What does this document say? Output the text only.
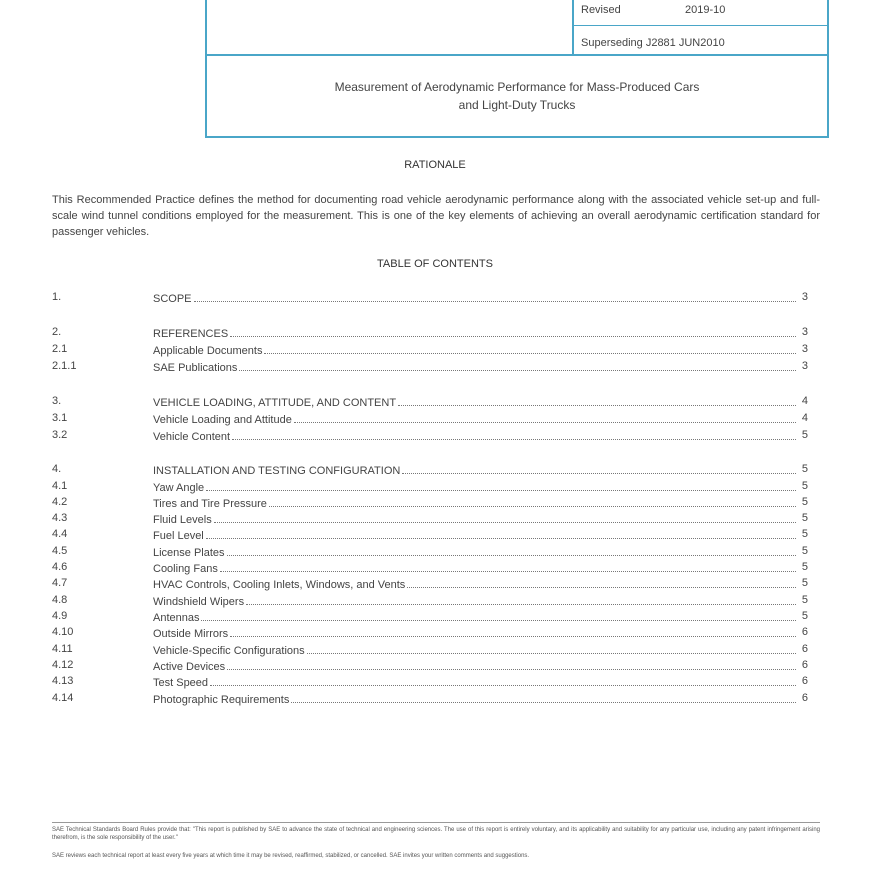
Revised	2019-10
Superseding J2881 JUN2010
Measurement of Aerodynamic Performance for Mass-Produced Cars
and Light-Duty Trucks
RATIONALE
This Recommended Practice defines the method for documenting road vehicle aerodynamic performance along with the associated vehicle set-up and full-scale wind tunnel conditions employed for the measurement. This is one of the key elements of achieving an overall aerodynamic certification standard for passenger vehicles.
TABLE OF CONTENTS
1.	SCOPE	3
2.	REFERENCES	3
2.1	Applicable Documents	3
2.1.1	SAE Publications	3
3.	VEHICLE LOADING, ATTITUDE, AND CONTENT	4
3.1	Vehicle Loading and Attitude	4
3.2	Vehicle Content	5
4.	INSTALLATION AND TESTING CONFIGURATION	5
4.1	Yaw Angle	5
4.2	Tires and Tire Pressure	5
4.3	Fluid Levels	5
4.4	Fuel Level	5
4.5	License Plates	5
4.6	Cooling Fans	5
4.7	HVAC Controls, Cooling Inlets, Windows, and Vents	5
4.8	Windshield Wipers	5
4.9	Antennas	5
4.10	Outside Mirrors	6
4.11	Vehicle-Specific Configurations	6
4.12	Active Devices	6
4.13	Test Speed	6
4.14	Photographic Requirements	6
SAE Technical Standards Board Rules provide that: "This report is published by SAE to advance the state of technical and engineering sciences. The use of this report is entirely voluntary, and its applicability and suitability for any particular use, including any patent infringement arising therefrom, is the sole responsibility of the user."
SAE reviews each technical report at least every five years at which time it may be revised, reaffirmed, stabilized, or cancelled. SAE invites your written comments and suggestions.
